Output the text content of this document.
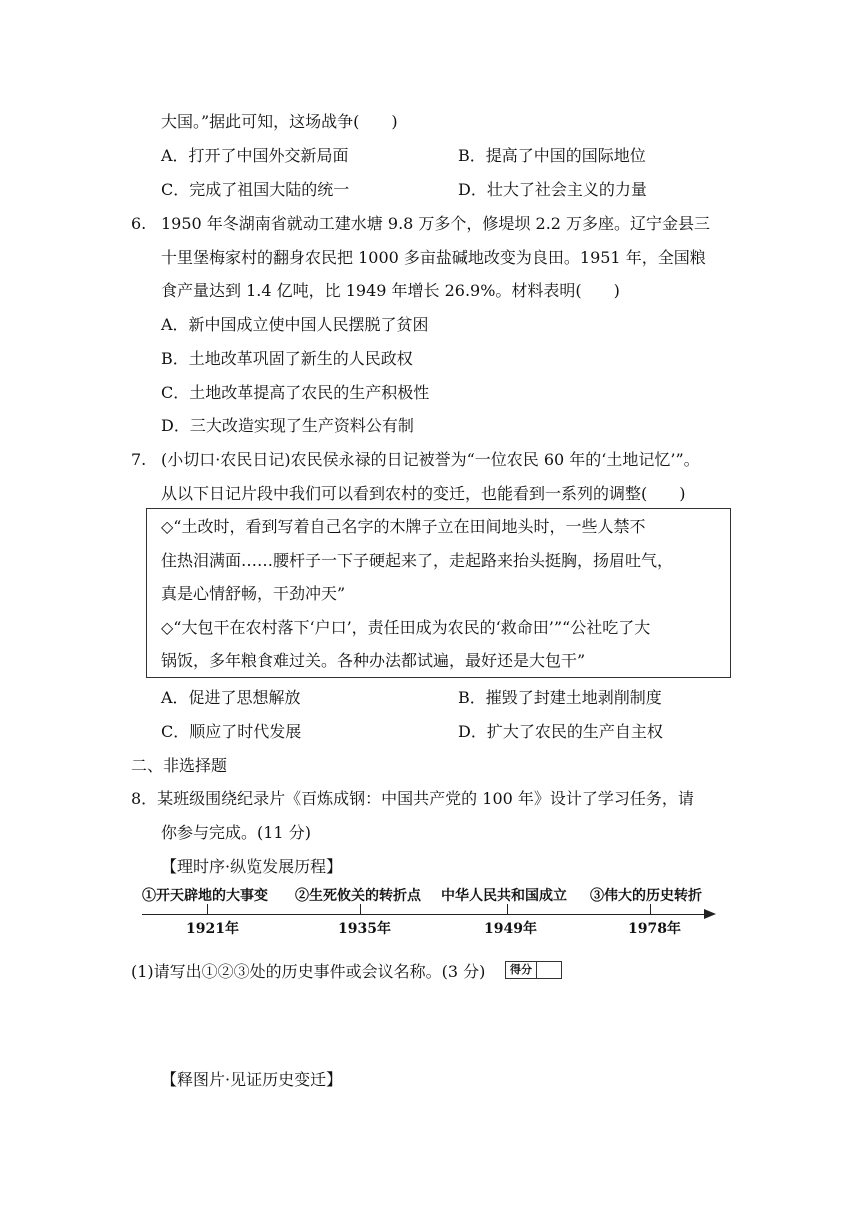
大国。”据此可知，这场战争(　　)
A．打开了中国外交新局面	B．提高了中国的国际地位
C．完成了祖国大陆的统一	D．壮大了社会主义的力量
6. 1950 年冬湖南省就动工建水塘 9.8 万多个，修堤坝 2.2 万多座。辽宁金县三
十里堡梅家村的翻身农民把 1000 多亩盐碱地改变为良田。1951 年，全国粮
食产量达到 1.4 亿吨，比 1949 年增长 26.9%。材料表明(　　)
A．新中国成立使中国人民摆脱了贫困
B．土地改革巩固了新生的人民政权
C．土地改革提高了农民的生产积极性
D．三大改造实现了生产资料公有制
7. (小切口·农民日记)农民侯永禄的日记被誉为“一位农民 60 年的‘土地记忆’”。
从以下日记片段中我们可以看到农村的变迁，也能看到一系列的调整(　　)
◇“土改时，看到写着自己名字的木牌子立在田间地头时，一些人禁不
住热泪满面……腰杆子一下子硬起来了，走起路来抬头挺胸，扬眉吐气，
真是心情舒畅，干劲冲天”
◇“大包干在农村落下‘户口’，责任田成为农民的‘救命田’”“公社吃了大
锅饭，多年粮食难过关。各种办法都试遍，最好还是大包干”
A．促进了思想解放	B．摧毁了封建土地剥削制度
C．顺应了时代发展	D．扩大了农民的生产自主权
二、非选择题
8．某班级围绕纪录片《百炼成钢：中国共产党的 100 年》设计了学习任务，请
你参与完成。(11 分)
【理时序·纵览发展历程】
①开天辟地的大事变
1921年
②生死攸关的转折点
1935年
中华人民共和国成立
1949年
③伟大的历史转折
1978年
(1)请写出①②③处的历史事件或会议名称。(3 分)	得分
【释图片·见证历史变迁】
